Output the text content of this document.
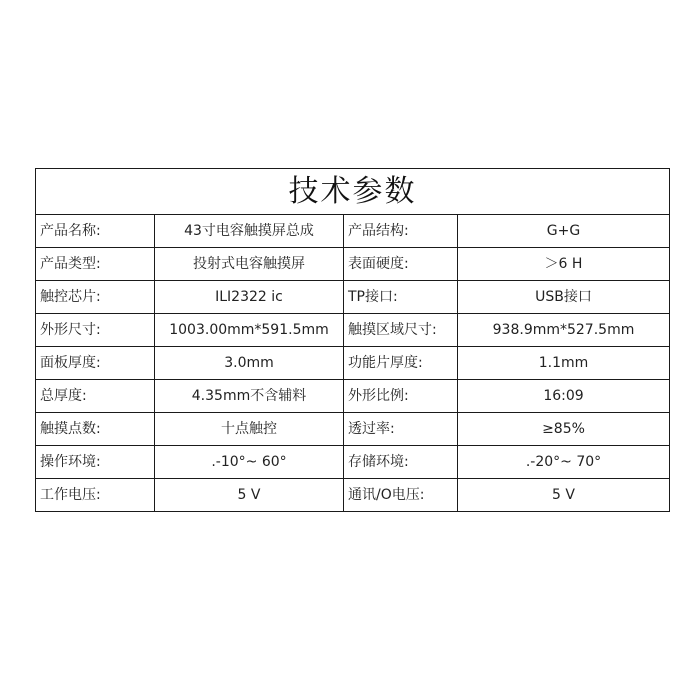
技术参数			
产品名称:	43寸电容触摸屏总成	产品结构:	G+G
产品类型:	投射式电容触摸屏	表面硬度:	＞6 H
触控芯片:	ILI2322 ic	TP接口:	USB接口
外形尺寸:	1003.00mm*591.5mm	触摸区域尺寸:	938.9mm*527.5mm
面板厚度:	3.0mm	功能片厚度:	1.1mm
总厚度:	4.35mm不含辅料	外形比例:	16:09
触摸点数:	十点触控	透过率:	≥85%
操作环境:	.-10°~ 60°	存储环境:	.-20°~ 70°
工作电压:	5 V	通讯/O电压:	5 V
